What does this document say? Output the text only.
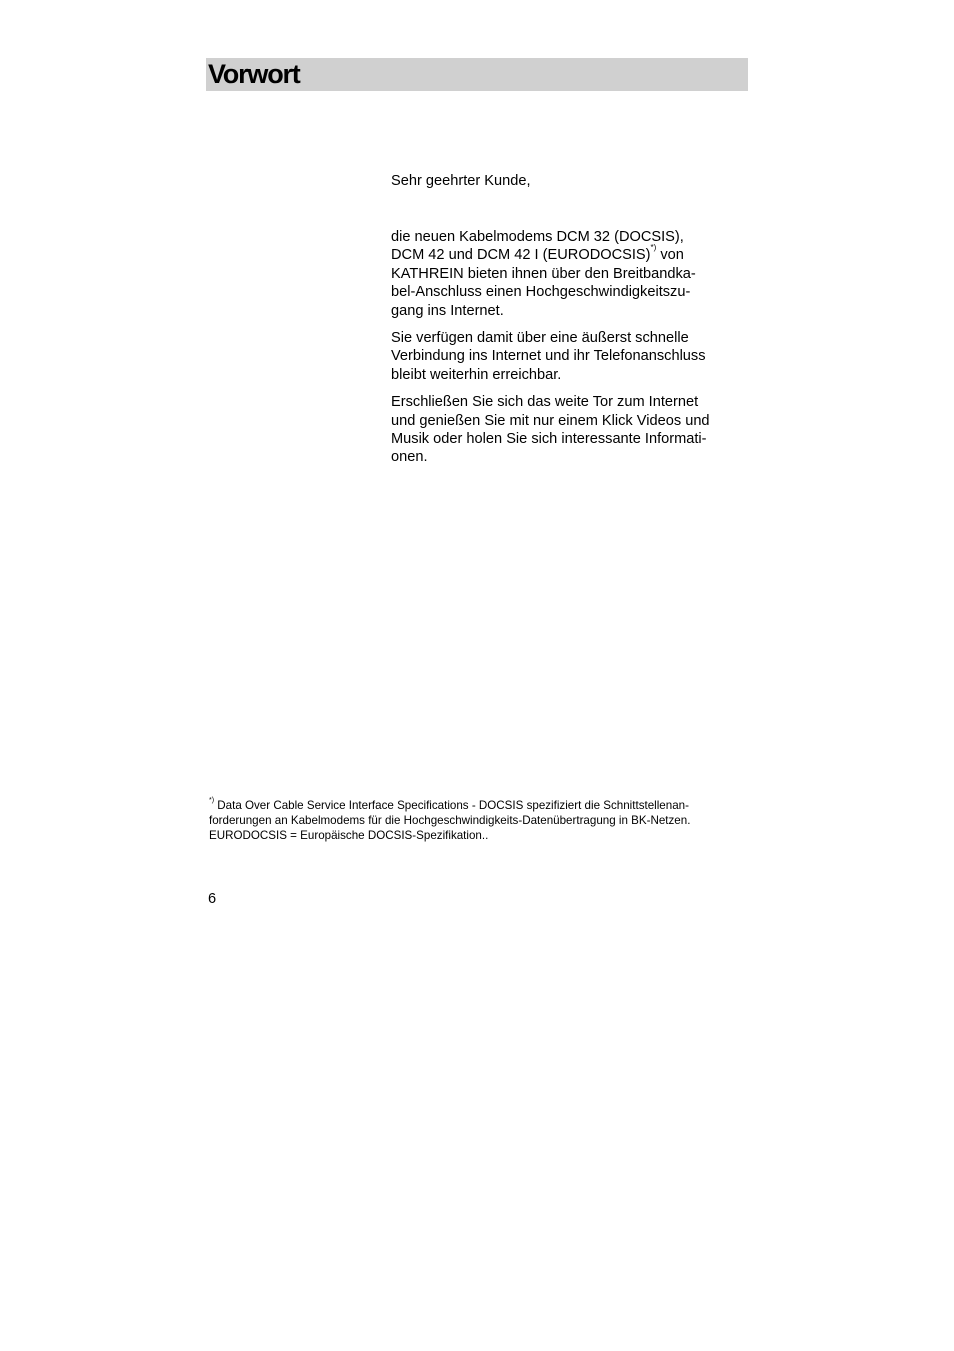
Vorwort
Sehr geehrter Kunde,

die neuen Kabelmodems DCM 32 (DOCSIS),
DCM 42 und DCM 42 I (EURODOCSIS)*) von
KATHREIN bieten ihnen über den Breitbandka-
bel-Anschluss einen Hochgeschwindigkeitszu-
gang ins Internet.

Sie verfügen damit über eine äußerst schnelle
Verbindung ins Internet und ihr Telefonanschluss
bleibt weiterhin erreichbar.

Erschließen Sie sich das weite Tor zum Internet
und genießen Sie mit nur einem Klick Videos und
Musik oder holen Sie sich interessante Informati-
onen.

*) Data Over Cable Service Interface Specifications - DOCSIS spezifiziert die Schnittstellenan-
forderungen an Kabelmodems für die Hochgeschwindigkeits-Datenübertragung in BK-Netzen.
EURODOCSIS = Europäische DOCSIS-Spezifikation..
6
